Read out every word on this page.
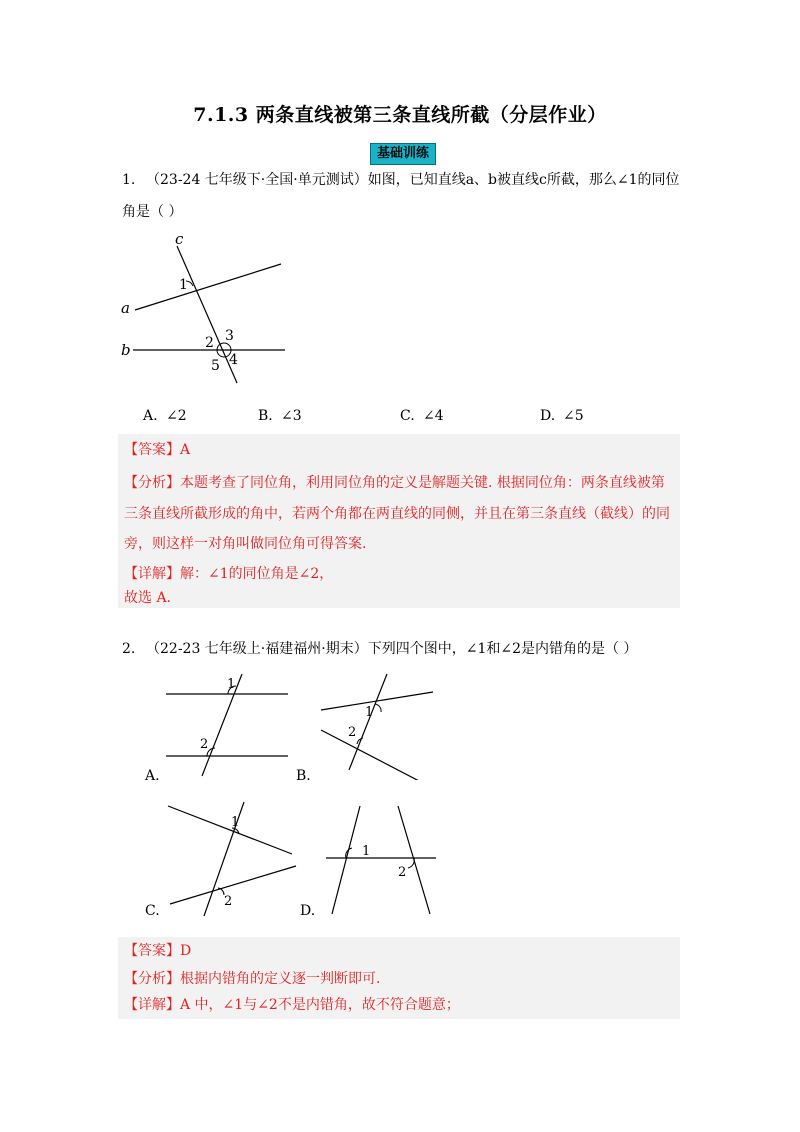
7.1.3 两条直线被第三条直线所截（分层作业）
基础训练
1. （23-24 七年级下·全国·单元测试）如图，已知直线a、b被直线c所截，那么∠1的同位
角是（ ）
c
a
b
1
2 3
4
5
A. ∠2	B. ∠3	C. ∠4	D. ∠5
【答案】A
【分析】本题考查了同位角，利用同位角的定义是解题关键. 根据同位角：两条直线被第
三条直线所截形成的角中，若两个角都在两直线的同侧，并且在第三条直线（截线）的同
旁，则这样一对角叫做同位角可得答案.
【详解】解：∠1的同位角是∠2，
故选 A.
2. （22-23 七年级上·福建福州·期末）下列四个图中，∠1和∠2是内错角的是（ ）
1
2
A.
1
2
B.
1
2
C.
1
2
D.
【答案】D
【分析】根据内错角的定义逐一判断即可.
【详解】A 中，∠1与∠2不是内错角，故不符合题意；
